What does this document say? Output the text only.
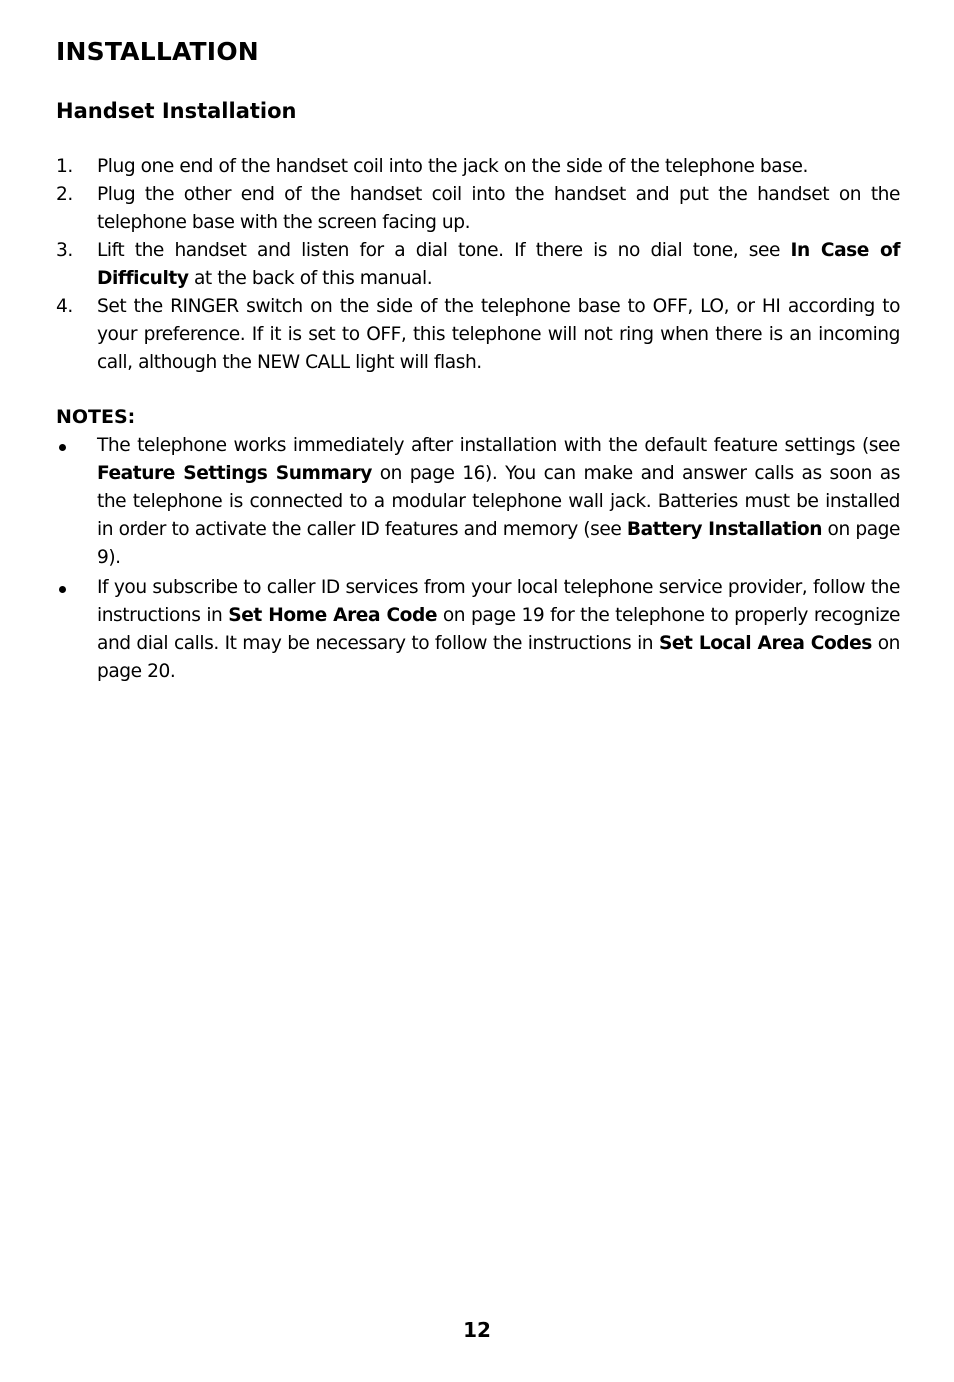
INSTALLATION
Handset Installation
1. Plug one end of the handset coil into the jack on the side of the telephone base.
2. Plug the other end of the handset coil into the handset and put the handset on the telephone base with the screen facing up.
3. Lift the handset and listen for a dial tone. If there is no dial tone, see In Case of Difficulty at the back of this manual.
4. Set the RINGER switch on the side of the telephone base to OFF, LO, or HI according to your preference. If it is set to OFF, this telephone will not ring when there is an incoming call, although the NEW CALL light will flash.
NOTES:
The telephone works immediately after installation with the default feature settings (see Feature Settings Summary on page 16). You can make and answer calls as soon as the telephone is connected to a modular telephone wall jack. Batteries must be installed in order to activate the caller ID features and memory (see Battery Installation on page 9).
If you subscribe to caller ID services from your local telephone service provider, follow the instructions in Set Home Area Code on page 19 for the telephone to properly recognize and dial calls. It may be necessary to follow the instructions in Set Local Area Codes on page 20.
12
